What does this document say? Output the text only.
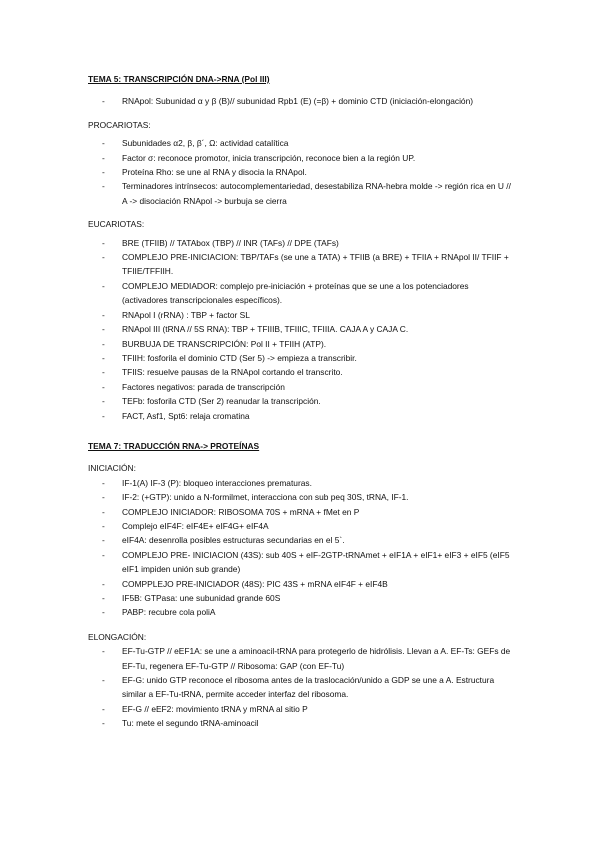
TEMA 5: TRANSCRIPCIÓN DNA->RNA (Pol III)
- RNApol: Subunidad α y β (B)// subunidad Rpb1 (E) (=β) + dominio CTD (iniciación-elongación)
PROCARIOTAS:
- Subunidades α2, β, β´, Ω: actividad catalítica
- Factor σ: reconoce promotor, inicia transcripción, reconoce bien a la región UP.
- Proteína Rho: se une al RNA y disocia la RNApol.
- Terminadores intrínsecos: autocomplementariedad, desestabiliza RNA-hebra molde -> región rica en U // A -> disociación RNApol -> burbuja se cierra
EUCARIOTAS:
- BRE (TFIIB) // TATAbox (TBP) // INR (TAFs) // DPE (TAFs)
- COMPLEJO PRE-INICIACION: TBP/TAFs (se une a TATA) + TFIIB (a BRE) + TFIIA + RNApol II/ TFIIF + TFIIE/TFFIIH.
- COMPLEJO MEDIADOR: complejo pre-iniciación + proteínas que se une a los potenciadores (activadores transcripcionales específicos).
- RNApol I (rRNA) : TBP + factor SL
- RNApol III (tRNA // 5S RNA): TBP + TFIIIB, TFIIIC, TFIIIA. CAJA A y CAJA C.
- BURBUJA DE TRANSCRIPCIÓN: Pol II + TFIIH (ATP).
- TFIIH: fosforila el dominio CTD (Ser 5) -> empieza a transcribir.
- TFIIS: resuelve pausas de la RNApol cortando el transcrito.
- Factores negativos: parada de transcripción
- TEFb: fosforila CTD (Ser 2) reanudar la transcripción.
- FACT, Asf1, Spt6: relaja cromatina
TEMA 7: TRADUCCIÓN RNA-> PROTEÍNAS
INICIACIÓN:
- IF-1(A) IF-3 (P): bloqueo interacciones prematuras.
- IF-2: (+GTP): unido a N-formilmet, interacciona con sub peq 30S, tRNA, IF-1.
- COMPLEJO INICIADOR: RIBOSOMA 70S + mRNA + fMet en P
- Complejo eIF4F: eIF4E+ eIF4G+ eIF4A
- eIF4A: desenrolla posibles estructuras secundarias en el 5`.
- COMPLEJO PRE- INICIACION (43S): sub 40S + eIF-2GTP-tRNAmet + eIF1A + eIF1+ eIF3 + eIF5 (eIF5 eIF1 impiden unión sub grande)
- COMPPLEJO PRE-INICIADOR (48S): PIC 43S + mRNA eIF4F + eIF4B
- IF5B: GTPasa: une subunidad grande 60S
- PABP: recubre cola poliA
ELONGACIÓN:
- EF-Tu-GTP // eEF1A: se une a aminoacil-tRNA para protegerlo de hidrólisis. Llevan a A. EF-Ts: GEFs de EF-Tu, regenera EF-Tu-GTP // Ribosoma: GAP (con EF-Tu)
- EF-G: unido GTP reconoce el ribosoma antes de la traslocación/unido a GDP se une a A. Estructura similar a EF-Tu-tRNA, permite acceder interfaz del ribosoma.
- EF-G // eEF2: movimiento tRNA y mRNA al sitio P
- Tu: mete el segundo tRNA-aminoacil
